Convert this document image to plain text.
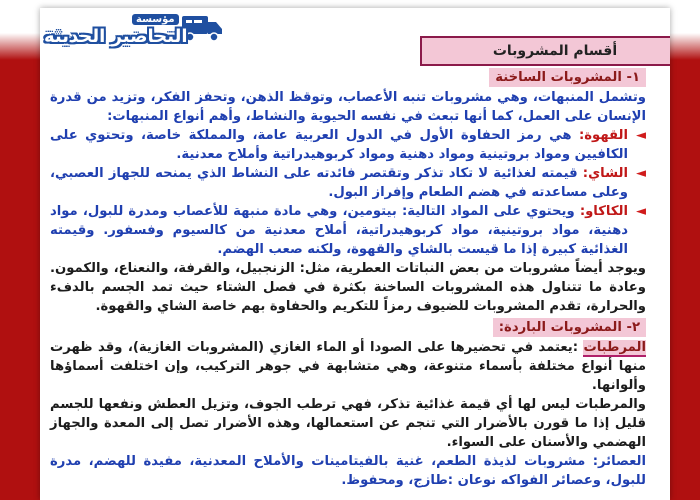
مؤسسة
التحاضير الحديثة
أقسام المشروبات

١- المشروبات الساخنة

وتشمل المنبهات، وهي مشروبات تنبه الأعصاب، وتوقظ الذهن، وتحفز الفكر، وتزيد من قدرة الإنسان على العمل، كما أنها تبعث في نفسه الحيوية والنشاط، وأهم أنواع المنبهات:

◄
القهوة: هي رمز الحفاوة الأول في الدول العربية عامة، والمملكة خاصة، وتحتوي على الكافيين ومواد بروتينية ومواد دهنية ومواد كربوهيدراتية وأملاح معدنية.

◄
الشاي: قيمته لغذائية لا تكاد تذكر وتقتصر فائدته على النشاط الذي يمنحه للجهاز العصبي، وعلى مساعدته في هضم الطعام وإفراز البول.

◄
الكاكاو: ويحتوي على المواد التالية: بيتومين، وهي مادة منبهة للأعصاب ومدرة للبول، مواد دهنية، مواد بروتينية، مواد كربوهيدراتية، أملاح معدنية من كالسيوم وفسفور. وقيمته الغذائية كبيرة إذا ما قيست بالشاي والقهوة، ولكنه صعب الهضم.

ويوجد أيضاً مشروبات من بعض النباتات العطرية، مثل: الزنجبيل، والقرفة، والنعناع، والكمون. وعادة ما تتناول هذه المشروبات الساخنة بكثرة في فصل الشتاء حيث تمد الجسم بالدفء والحرارة، تقدم المشروبات للضيوف رمزاً للتكريم والحفاوة بهم خاصة الشاي والقهوة.

٢- المشروبات الباردة:

المرطبات :يعتمد في تحضيرها على الصودا أو الماء الغازي (المشروبات الغازية)، وقد ظهرت منها أنواع مختلفة بأسماء متنوعة، وهي متشابهة في جوهر التركيب، وإن اختلفت أسماؤها وألوانها.

والمرطبات ليس لها أي قيمة غذائية تذكر، فهي ترطب الجوف، وتزيل العطش ونفعها للجسم قليل إذا ما قورن بالأضرار التي تنجم عن استعمالها، وهذه الأضرار تصل إلى المعدة والجهاز الهضمي والأسنان على السواء.

العصائر: مشروبات لذيذة الطعم، غنية بالفيتامينات والأملاح المعدنية، مفيدة للهضم، مدرة للبول، وعصائر الفواكه نوعان :طازج، ومحفوظ.
